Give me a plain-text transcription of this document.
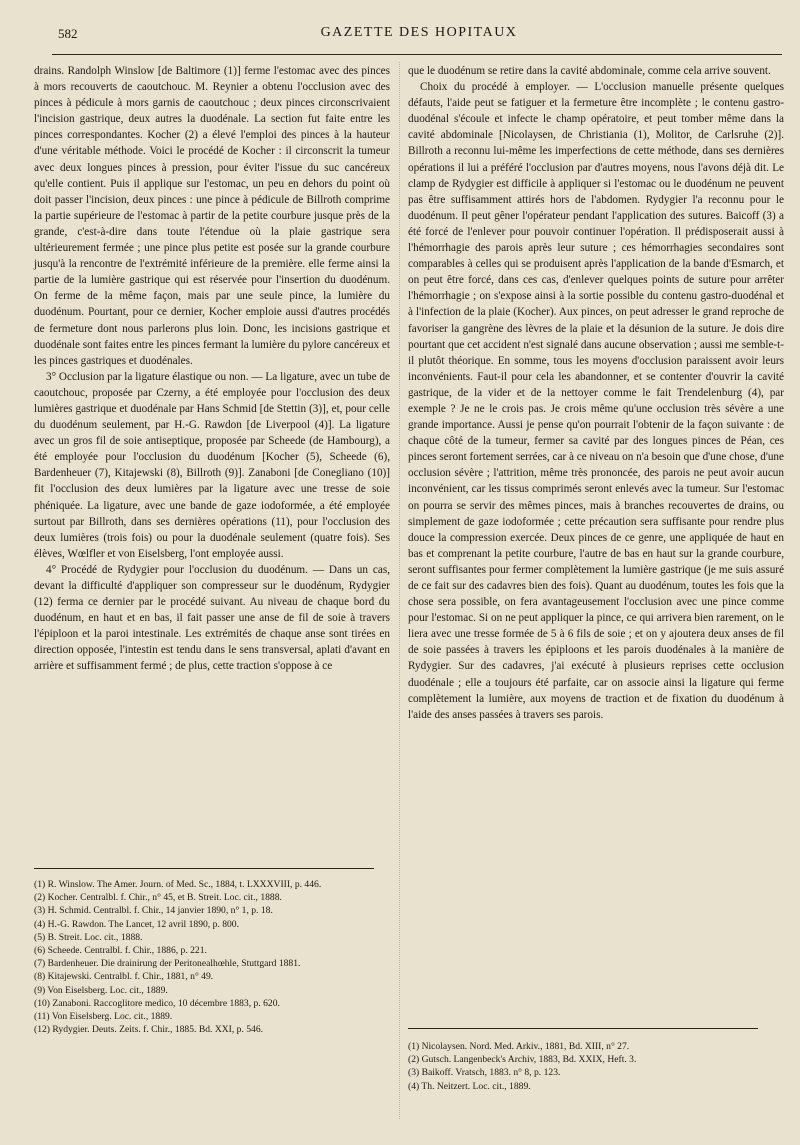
582	GAZETTE DES HOPITAUX

drains. Randolph Winslow [de Baltimore (1)] ferme l'estomac avec des pinces à mors recouverts de caoutchouc. M. Reynier a obtenu l'occlusion avec des pinces à pédicule à mors garnis de caoutchouc ; deux pinces circonscrivaient l'incision gastrique, deux autres la duodénale. La section fut faite entre les pinces correspondantes. Kocher (2) a élevé l'emploi des pinces à la hauteur d'une véritable méthode. Voici le procédé de Kocher : il circonscrit la tumeur avec deux longues pinces à pression, pour éviter l'issue du suc cancéreux qu'elle contient. Puis il applique sur l'estomac, un peu en dehors du point où doit passer l'incision, deux pinces : une pince à pédicule de Billroth comprime la partie supérieure de l'estomac à partir de la petite courbure jusque près de la grande, c'est-à-dire dans toute l'étendue où la plaie gastrique sera ultérieurement fermée ; une pince plus petite est posée sur la grande courbure jusqu'à la rencontre de l'extrémité inférieure de la première. elle ferme ainsi la partie de la lumière gastrique qui est réservée pour l'insertion du duodénum. On ferme de la même façon, mais par une seule pince, la lumière du duodénum. Pourtant, pour ce dernier, Kocher emploie aussi d'autres procédés de fermeture dont nous parlerons plus loin. Donc, les incisions gastrique et duodénale sont faites entre les pinces fermant la lumière du pylore cancéreux et les pinces gastriques et duodénales.

3° Occlusion par la ligature élastique ou non. — La ligature, avec un tube de caoutchouc, proposée par Czerny, a été employée pour l'occlusion des deux lumières gastrique et duodénale par Hans Schmid [de Stettin (3)], et, pour celle du duodénum seulement, par H.-G. Rawdon [de Liverpool (4)]. La ligature avec un gros fil de soie antiseptique, proposée par Scheede (de Hambourg), a été employée pour l'occlusion du duodénum [Kocher (5), Scheede (6), Bardenheuer (7), Kitajewski (8), Billroth (9)]. Zanaboni [de Conegliano (10)] fit l'occlusion des deux lumières par la ligature avec une tresse de soie phéniquée. La ligature, avec une bande de gaze iodoformée, a été employée surtout par Billroth, dans ses dernières opérations (11), pour l'occlusion des deux lumières (trois fois) ou pour la duodénale seulement (quatre fois). Ses élèves, Wœlfler et von Eiselsberg, l'ont employée aussi.

4° Procédé de Rydygier pour l'occlusion du duodénum. — Dans un cas, devant la difficulté d'appliquer son compresseur sur le duodénum, Rydygier (12) ferma ce dernier par le procédé suivant. Au niveau de chaque bord du duodénum, en haut et en bas, il fait passer une anse de fil de soie à travers l'épiploon et la paroi intestinale. Les extrémités de chaque anse sont tirées en direction opposée, l'intestin est tendu dans le sens transversal, aplati d'avant en arrière et suffisamment fermé ; de plus, cette traction s'oppose à ce

que le duodénum se retire dans la cavité abdominale, comme cela arrive souvent.

Choix du procédé à employer. — L'occlusion manuelle présente quelques défauts, l'aide peut se fatiguer et la fermeture être incomplète ; le contenu gastro-duodénal s'écoule et infecte le champ opératoire, et peut tomber même dans la cavité abdominale [Nicolaysen, de Christiania (1), Molitor, de Carlsruhe (2)]. Billroth a reconnu lui-même les imperfections de cette méthode, dans ses dernières opérations il lui a préféré l'occlusion par d'autres moyens, nous l'avons déjà dit. Le clamp de Rydygier est difficile à appliquer si l'estomac ou le duodénum ne peuvent pas être suffisamment attirés hors de l'abdomen. Rydygier l'a reconnu pour le duodénum. Il peut gêner l'opérateur pendant l'application des sutures. Baicoff (3) a été forcé de l'enlever pour pouvoir continuer l'opération. Il prédisposerait aussi à l'hémorrhagie des parois après leur suture ; ces hémorrhagies secondaires sont comparables à celles qui se produisent après l'application de la bande d'Esmarch, et on peut être forcé, dans ces cas, d'enlever quelques points de suture pour arrêter l'hémorrhagie ; on s'expose ainsi à la sortie possible du contenu gastro-duodénal et à l'infection de la plaie (Kocher). Aux pinces, on peut adresser le grand reproche de favoriser la gangrène des lèvres de la plaie et la désunion de la suture. Je dois dire pourtant que cet accident n'est signalé dans aucune observation ; aussi me semble-t-il plutôt théorique. En somme, tous les moyens d'occlusion paraissent avoir leurs inconvénients. Faut-il pour cela les abandonner, et se contenter d'ouvrir la cavité gastrique, de la vider et de la nettoyer comme le fait Trendelenburg (4), par exemple ? Je ne le crois pas. Je crois même qu'une occlusion très sévère a une grande importance. Aussi je pense qu'on pourrait l'obtenir de la façon suivante : de chaque côté de la tumeur, fermer sa cavité par des longues pinces de Péan, ces pinces seront fortement serrées, car à ce niveau on n'a besoin que d'une chose, d'une occlusion sévère ; l'attrition, même très prononcée, des parois ne peut avoir aucun inconvénient, car les tissus comprimés seront enlevés avec la tumeur. Sur l'estomac on pourra se servir des mêmes pinces, mais à branches recouvertes de drains, ou simplement de gaze iodoformée ; cette précaution sera suffisante pour rendre plus douce la compression exercée. Deux pinces de ce genre, une appliquée de haut en bas et comprenant la petite courbure, l'autre de bas en haut sur la grande courbure, seront suffisantes pour fermer complètement la lumière gastrique (je me suis assuré de ce fait sur des cadavres bien des fois). Quant au duodénum, toutes les fois que la chose sera possible, on fera avantageusement l'occlusion avec une pince comme pour l'estomac. Si on ne peut appliquer la pince, ce qui arrivera bien rarement, on le liera avec une tresse formée de 5 à 6 fils de soie ; et on y ajoutera deux anses de fil de soie passées à travers les épiploons et les parois duodénales à la manière de Rydygier. Sur des cadavres, j'ai exécuté à plusieurs reprises cette occlusion duodénale ; elle a toujours été parfaite, car on associe ainsi la ligature qui ferme complètement la lumière, aux moyens de traction et de fixation du duodénum à l'aide des anses passées à travers ses parois.

(1) R. Winslow. The Amer. Journ. of Med. Sc., 1884, t. LXXXVIII, p. 446.
(2) Kocher. Centralbl. f. Chir., n° 45, et B. Streit. Loc. cit., 1888.
(3) H. Schmid. Centralbl. f. Chir., 14 janvier 1890, n° 1, p. 18.
(4) H.-G. Rawdon. The Lancet, 12 avril 1890, p. 800.
(5) B. Streit. Loc. cit., 1888.
(6) Scheede. Centralbl. f. Chir., 1886, p. 221.
(7) Bardenheuer. Die drainirung der Peritonealhœhle, Stuttgard 1881.
(8) Kitajewski. Centralbl. f. Chir., 1881, n° 49.
(9) Von Eiselsberg. Loc. cit., 1889.
(10) Zanaboni. Raccoglitore medico, 10 décembre 1883, p. 620.
(11) Von Eiselsberg. Loc. cit., 1889.
(12) Rydygier. Deuts. Zeits. f. Chir., 1885. Bd. XXI, p. 546.
(1) Nicolaysen. Nord. Med. Arkiv., 1881, Bd. XIII, n° 27.
(2) Gutsch. Langenbeck's Archiv, 1883, Bd. XXIX, Heft. 3.
(3) Baikoff. Vratsch, 1883. n° 8, p. 123.
(4) Th. Neitzert. Loc. cit., 1889.
